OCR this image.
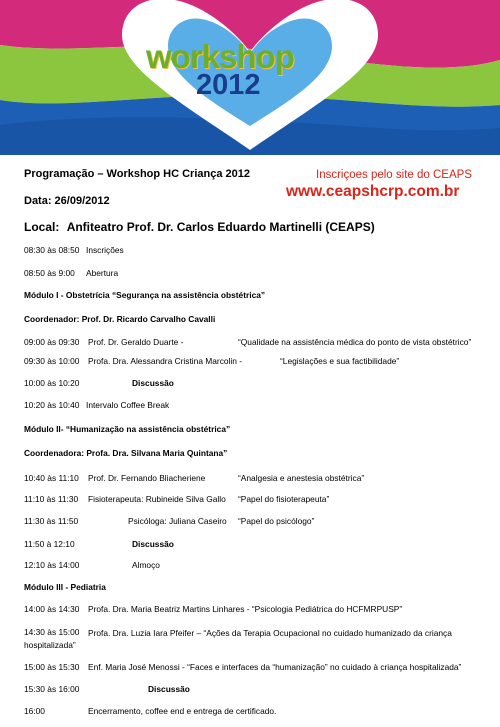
workshop
2012
Programação – Workshop HC Criança 2012
Data: 26/09/2012
Inscriçoes pelo site do CEAPS
www.ceapshcrp.com.br
Local: Anfiteatro Prof. Dr. Carlos Eduardo Martinelli (CEAPS)
08:30 às 08:50 Inscrições
08:50 às 9:00 Abertura
Módulo I - Obstetrícia “Segurança na assistência obstétrica”
Coordenador: Prof. Dr. Ricardo Carvalho Cavalli
09:00 às 09:30 Prof. Dr. Geraldo Duarte -	“Qualidade na assistência médica do ponto de vista obstétrico”
09:30 às 10:00 Profa. Dra. Alessandra Cristina Marcolin -	“Legislações e sua factibilidade”
10:00 às 10:20	Discussão
10:20 às 10:40 Intervalo Coffee Break
Módulo II- “Humanização na assistência obstétrica”
Coordenadora: Profa. Dra. Silvana Maria Quintana”
10:40 às 11:10 Prof. Dr. Fernando Bliacheriene	“Analgesia e anestesia obstétrica”
11:10 às 11:30 Fisioterapeuta: Rubineide Silva Gallo “Papel do fisioterapeuta”
11:30 às 11:50	Psicóloga: Juliana Caseiro “Papel do psicólogo”
11:50 à 12:10	Discussão
12:10 às 14:00	Almoço
Módulo III - Pediatria
14:00 às 14:30 Profa. Dra. Maria Beatriz Martins Linhares - “Psicologia Pediátrica do HCFMRPUSP”
14:30 às 15:00	Profa. Dra. Luzia Iara Pfeifer – “Ações da Terapia Ocupacional no cuidado humanizado da criança hospitalizada”
15:00 às 15:30 Enf. Maria José Menossi - “Faces e interfaces da “humanização” no cuidado à criança hospitalizada”
15:30 às 16:00	Discussão
16:00	Encerramento, coffee end e entrega de certificado.
